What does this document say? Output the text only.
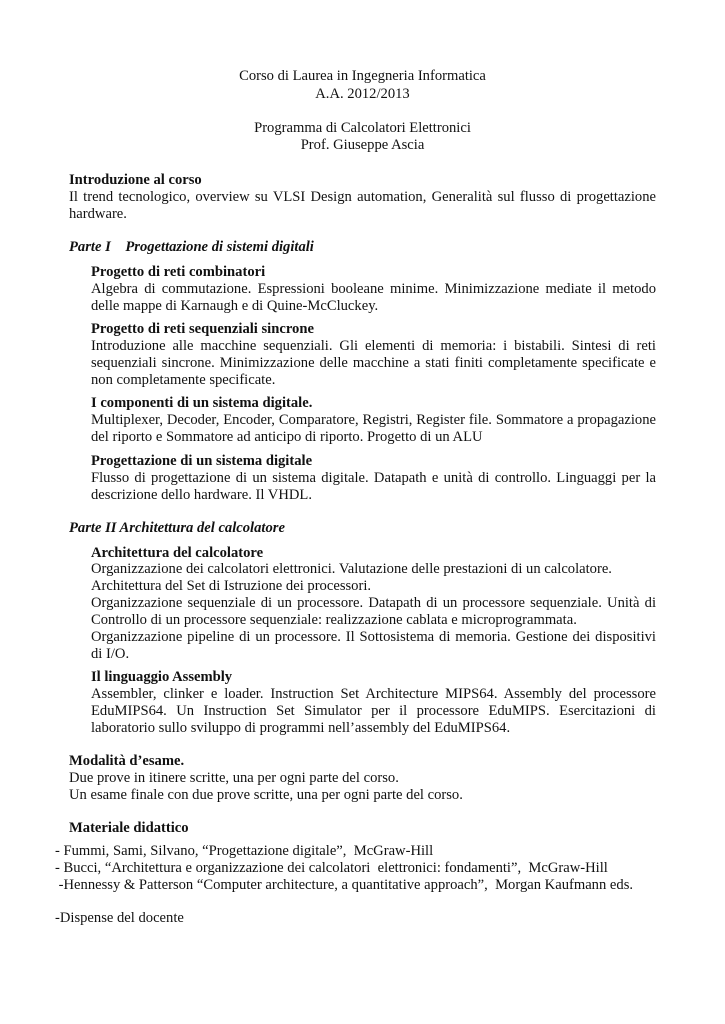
Corso di Laurea in Ingegneria Informatica
A.A. 2012/2013
Programma di Calcolatori Elettronici
Prof. Giuseppe Ascia
Introduzione al corso

Il trend tecnologico, overview su VLSI Design automation, Generalità sul flusso di progettazione hardware.

Parte I    Progettazione di sistemi digitali
Progetto di reti combinatori

Algebra di commutazione. Espressioni booleane minime. Minimizzazione mediate il metodo delle mappe di Karnaugh e di Quine-McCluckey.

Progetto di reti sequenziali sincrone

Introduzione alle macchine sequenziali. Gli elementi di memoria: i bistabili. Sintesi di reti sequenziali sincrone. Minimizzazione delle macchine a stati finiti completamente specificate e non completamente specificate.

I componenti di un sistema digitale.

Multiplexer, Decoder, Encoder, Comparatore, Registri, Register file. Sommatore a propagazione del riporto e Sommatore ad anticipo di riporto. Progetto di un ALU

Progettazione di un sistema digitale

Flusso di progettazione di un sistema digitale. Datapath e unità di controllo. Linguaggi per la descrizione dello hardware. Il VHDL.

Parte II Architettura del calcolatore
Architettura del calcolatore

Organizzazione dei calcolatori elettronici. Valutazione delle prestazioni di un calcolatore.

Architettura del Set di Istruzione dei processori.

Organizzazione sequenziale di un processore. Datapath di un processore sequenziale. Unità di Controllo di un processore sequenziale: realizzazione cablata e microprogrammata.

Organizzazione pipeline di un processore. Il Sottosistema di memoria. Gestione dei dispositivi di I/O.

Il linguaggio Assembly

Assembler, clinker e loader. Instruction Set Architecture MIPS64. Assembly del processore EduMIPS64. Un Instruction Set Simulator per il processore EduMIPS. Esercitazioni di laboratorio sullo sviluppo di programmi nell’assembly del EduMIPS64.

Modalità d’esame.
Due prove in itinere scritte, una per ogni parte del corso.
Un esame finale con due prove scritte, una per ogni parte del corso.
Materiale didattico
- Fummi, Sami, Silvano, “Progettazione digitale”,  McGraw-Hill
- Bucci, “Architettura e organizzazione dei calcolatori  elettronici: fondamenti”,  McGraw-Hill
-Hennessy & Patterson “Computer architecture, a quantitative approach”,  Morgan Kaufmann eds.
-Dispense del docente
